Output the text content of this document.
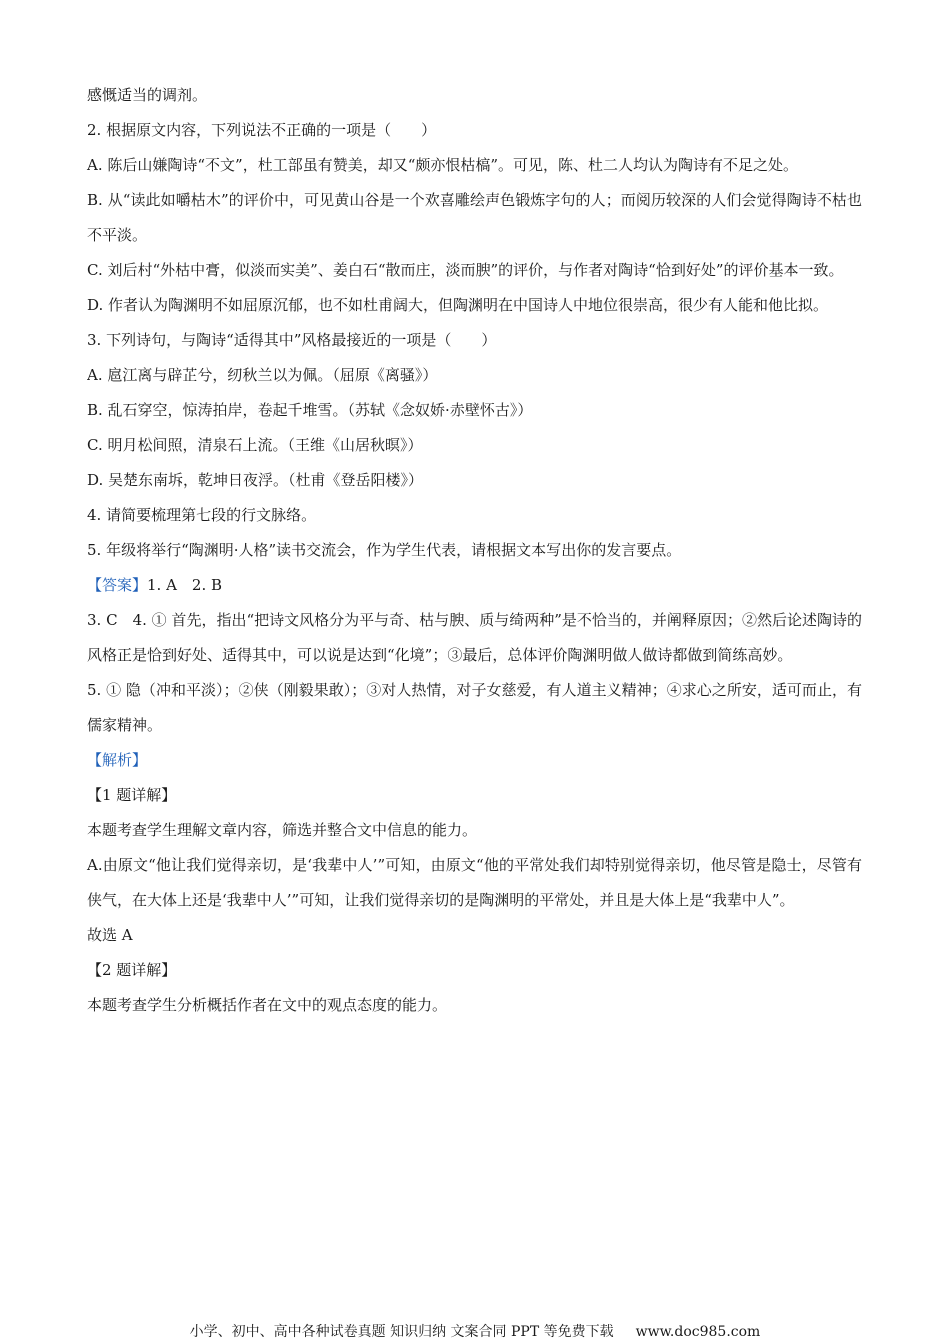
感慨适当的调剂。
2. 根据原文内容，下列说法不正确的一项是（　　）
A. 陈后山嫌陶诗“不文”，杜工部虽有赞美，却又“颇亦恨枯槁”。可见，陈、杜二人均认为陶诗有不足之处。
B. 从“读此如嚼枯木”的评价中，可见黄山谷是一个欢喜雕绘声色锻炼字句的人；而阅历较深的人们会觉得陶诗不枯也不平淡。
C. 刘后村“外枯中膏，似淡而实美”、姜白石“散而庄，淡而腴”的评价，与作者对陶诗“恰到好处”的评价基本一致。
D. 作者认为陶渊明不如屈原沉郁，也不如杜甫阔大，但陶渊明在中国诗人中地位很崇高，很少有人能和他比拟。
3. 下列诗句，与陶诗“适得其中”风格最接近的一项是（　　）
A. 扈江离与辟芷兮，纫秋兰以为佩。（屈原《离骚》）
B. 乱石穿空，惊涛拍岸，卷起千堆雪。（苏轼《念奴娇·赤壁怀古》）
C. 明月松间照，清泉石上流。（王维《山居秋暝》）
D. 吴楚东南坼，乾坤日夜浮。（杜甫《登岳阳楼》）
4. 请简要梳理第七段的行文脉络。
5. 年级将举行“陶渊明·人格”读书交流会，作为学生代表，请根据文本写出你的发言要点。
【答案】1. A　2. B
3. C　4. ① 首先，指出“把诗文风格分为平与奇、枯与腴、质与绮两种”是不恰当的，并阐释原因；②然后论述陶诗的风格正是恰到好处、适得其中，可以说是达到“化境”；③最后，总体评价陶渊明做人做诗都做到简练高妙。
5. ① 隐（冲和平淡）；②侠（刚毅果敢）；③对人热情，对子女慈爱，有人道主义精神；④求心之所安，适可而止，有儒家精神。
【解析】
【1 题详解】
本题考查学生理解文章内容，筛选并整合文中信息的能力。
A.由原文“他让我们觉得亲切，是‘我辈中人’”可知，由原文“他的平常处我们却特别觉得亲切，他尽管是隐士，尽管有侠气，在大体上还是‘我辈中人’”可知，让我们觉得亲切的是陶渊明的平常处，并且是大体上是“我辈中人”。
故选 A
【2 题详解】
本题考查学生分析概括作者在文中的观点态度的能力。
小学、初中、高中各种试卷真题 知识归纳 文案合同 PPT 等免费下载 www.doc985.com
